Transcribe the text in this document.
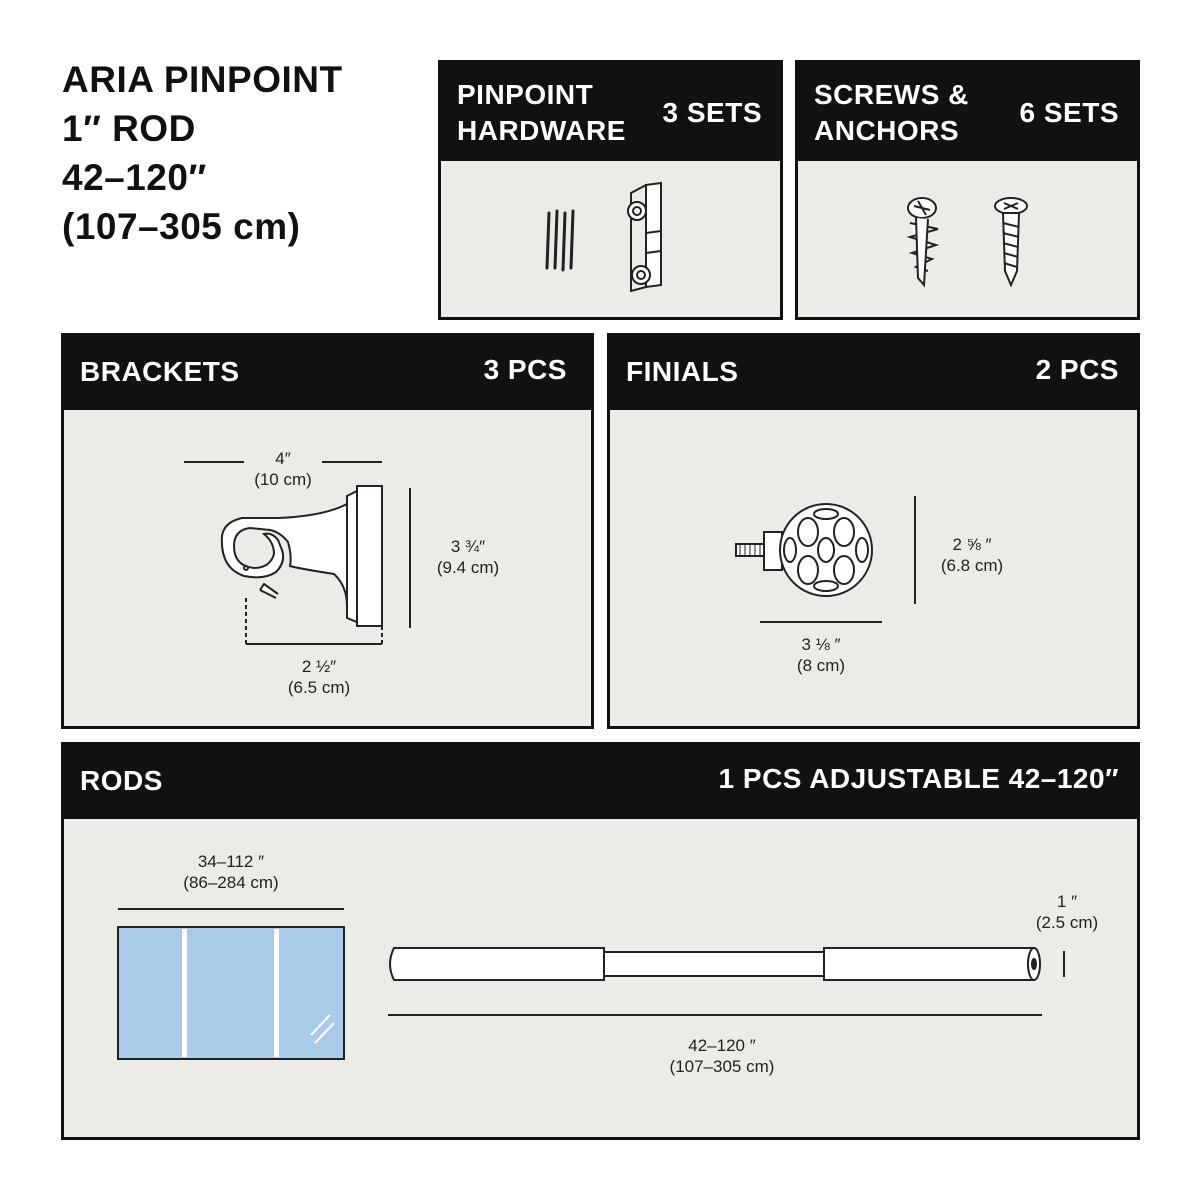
ARIA PINPOINT
1″ ROD
42–120″
(107–305 cm)
PINPOINT
HARDWARE
3 SETS
SCREWS &
ANCHORS
6 SETS
BRACKETS	3 PCS
4″
(10 cm)
3 ¾″
(9.4 cm)
2 ½″
(6.5 cm)
FINIALS	2 PCS
2 ⅝ ″
(6.8 cm)
3 ⅛ ″
(8 cm)
RODS	1 PCS ADJUSTABLE 42–120″
34–112 ″
(86–284 cm)
1 ″
(2.5 cm)
42–120 ″
(107–305 cm)
